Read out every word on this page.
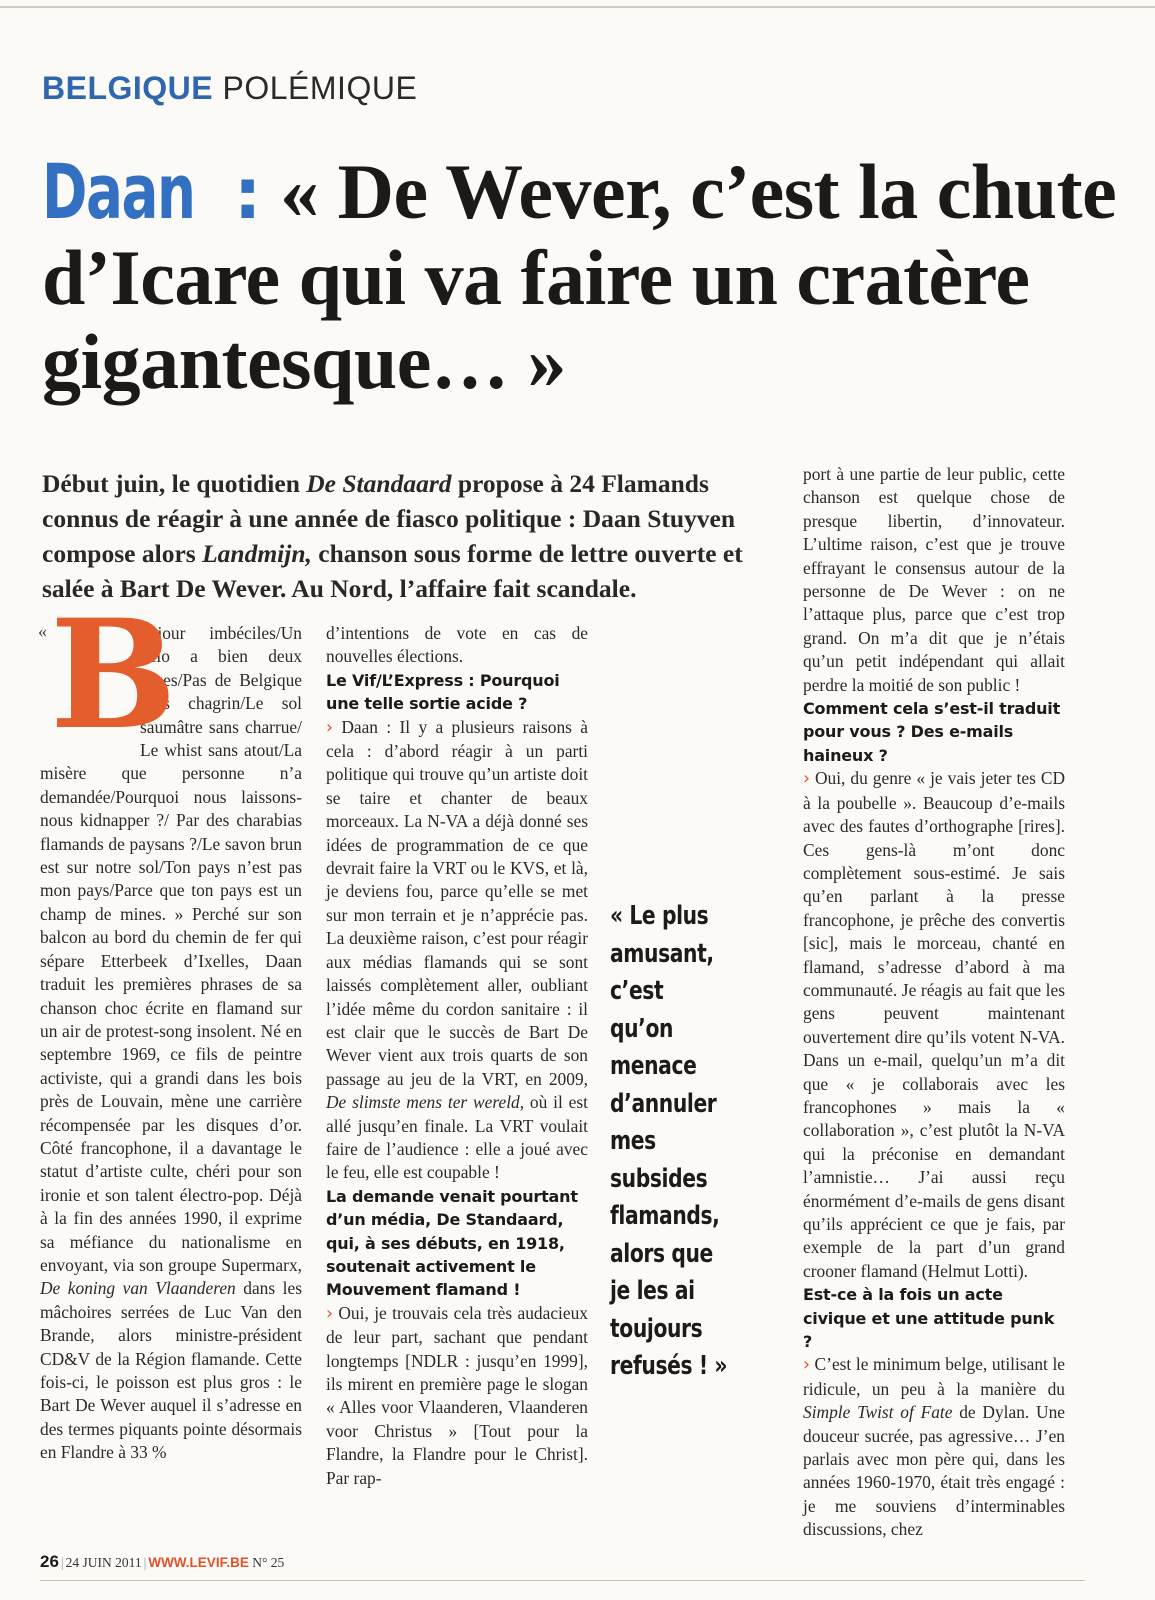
BELGIQUE POLÉMIQUE
Daan : « De Wever, c’est la chute d’Icare qui va faire un cratère gigantesque… »

Début juin, le quotidien De Standaard propose à 24 Flamands connus de réagir à une année de fiasco politique : Daan Stuyven compose alors Landmijn, chanson sous forme de lettre ouverte et salée à Bart De Wever. Au Nord, l’affaire fait scandale.

« B

onjour imbéciles/Un vélo a bien deux roues/Pas de Belgique sans chagrin/Le sol saumâtre sans charrue/ Le whist sans atout/La misère que personne n’a demandée/Pourquoi nous laissons-nous kidnapper ?/ Par des charabias flamands de paysans ?/Le savon brun est sur notre sol/Ton pays n’est pas mon pays/Parce que ton pays est un champ de mines. » Perché sur son balcon au bord du chemin de fer qui sépare Etterbeek d’Ixelles, Daan traduit les premières phrases de sa chanson choc écrite en flamand sur un air de protest-song insolent. Né en septembre 1969, ce fils de peintre activiste, qui a grandi dans les bois près de Louvain, mène une carrière récompensée par les disques d’or. Côté francophone, il a davantage le statut d’artiste culte, chéri pour son ironie et son talent électro-pop. Déjà à la fin des années 1990, il exprime sa méfiance du nationalisme en envoyant, via son groupe Supermarx, De koning van Vlaanderen dans les mâchoires serrées de Luc Van den Brande, alors ministre-président CD&V de la Région flamande. Cette fois-ci, le poisson est plus gros : le Bart De Wever auquel il s’adresse en des termes piquants pointe désormais en Flandre à 33 %

d’intentions de vote en cas de nouvelles élections.

Le Vif/L’Express : Pourquoi une telle sortie acide ?

› Daan : Il y a plusieurs raisons à cela : d’abord réagir à un parti politique qui trouve qu’un artiste doit se taire et chanter de beaux morceaux. La N-VA a déjà donné ses idées de programmation de ce que devrait faire la VRT ou le KVS, et là, je deviens fou, parce qu’elle se met sur mon terrain et je n’apprécie pas. La deuxième raison, c’est pour réagir aux médias flamands qui se sont laissés complètement aller, oubliant l’idée même du cordon sanitaire : il est clair que le succès de Bart De Wever vient aux trois quarts de son passage au jeu de la VRT, en 2009, De slimste mens ter wereld, où il est allé jusqu’en finale. La VRT voulait faire de l’audience : elle a joué avec le feu, elle est coupable !

La demande venait pourtant d’un média, De Standaard, qui, à ses débuts, en 1918, soutenait activement le Mouvement flamand !

› Oui, je trouvais cela très audacieux de leur part, sachant que pendant longtemps [NDLR : jusqu’en 1999], ils mirent en première page le slogan « Alles voor Vlaanderen, Vlaanderen voor Christus » [Tout pour la Flandre, la Flandre pour le Christ]. Par rap-

« Le plus
amusant, c’est
qu’on menace
d’annuler
mes subsides
flamands,
alors que
je les ai toujours
refusés ! »

port à une partie de leur public, cette chanson est quelque chose de presque libertin, d’innovateur. L’ultime raison, c’est que je trouve effrayant le consensus autour de la personne de De Wever : on ne l’attaque plus, parce que c’est trop grand. On m’a dit que je n’étais qu’un petit indépendant qui allait perdre la moitié de son public !

Comment cela s’est-il traduit pour vous ? Des e-mails haineux ?

› Oui, du genre « je vais jeter tes CD à la poubelle ». Beaucoup d’e-mails avec des fautes d’orthographe [rires]. Ces gens-là m’ont donc complètement sous-estimé. Je sais qu’en parlant à la presse francophone, je prêche des convertis [sic], mais le morceau, chanté en flamand, s’adresse d’abord à ma communauté. Je réagis au fait que les gens peuvent maintenant ouvertement dire qu’ils votent N-VA. Dans un e-mail, quelqu’un m’a dit que « je collaborais avec les francophones » mais la « collaboration », c’est plutôt la N-VA qui la préconise en demandant l’amnistie… J’ai aussi reçu énormément d’e-mails de gens disant qu’ils apprécient ce que je fais, par exemple de la part d’un grand crooner flamand (Helmut Lotti).

Est-ce à la fois un acte civique et une attitude punk ?

› C’est le minimum belge, utilisant le ridicule, un peu à la manière du Simple Twist of Fate de Dylan. Une douceur sucrée, pas agressive… J’en parlais avec mon père qui, dans les années 1960-1970, était très engagé : je me souviens d’interminables discussions, chez

26 | 24 JUIN 2011 | WWW.LEVIF.BE N° 25
